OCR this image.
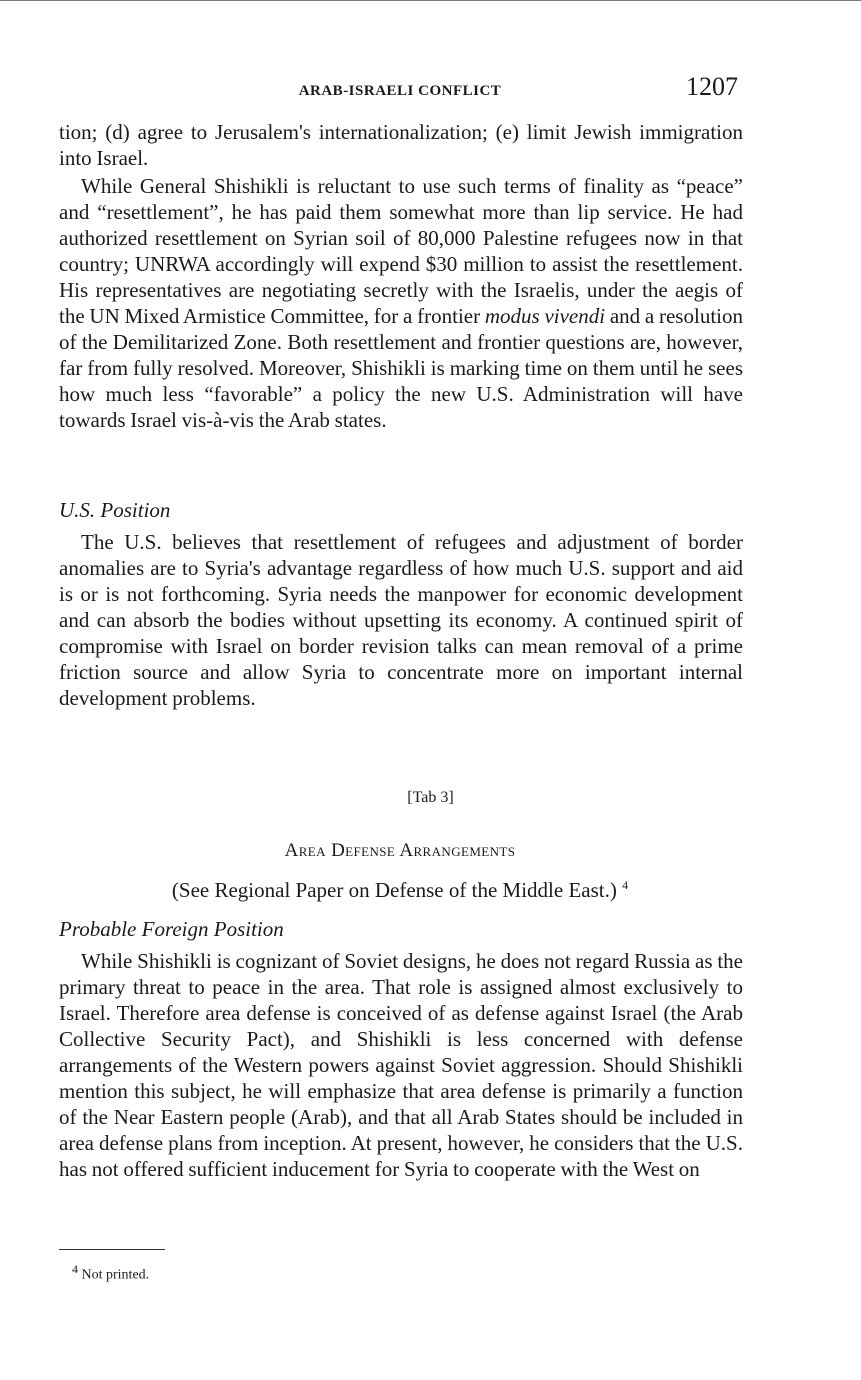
ARAB-ISRAELI CONFLICT	1207

tion; (d) agree to Jerusalem's internationalization; (e) limit Jewish immigration into Israel.

While General Shishikli is reluctant to use such terms of finality as “peace” and “resettlement”, he has paid them somewhat more than lip service. He had authorized resettlement on Syrian soil of 80,000 Palestine refugees now in that country; UNRWA accordingly will expend $30 million to assist the resettlement. His representatives are negotiating secretly with the Israelis, under the aegis of the UN Mixed Armistice Committee, for a frontier modus vivendi and a resolution of the Demilitarized Zone. Both resettlement and frontier questions are, however, far from fully resolved. Moreover, Shishikli is marking time on them until he sees how much less “favorable” a policy the new U.S. Administration will have towards Israel vis-à-vis the Arab states.

U.S. Position

The U.S. believes that resettlement of refugees and adjustment of border anomalies are to Syria's advantage regardless of how much U.S. support and aid is or is not forthcoming. Syria needs the manpower for economic development and can absorb the bodies without upsetting its economy. A continued spirit of compromise with Israel on border revision talks can mean removal of a prime friction source and allow Syria to concentrate more on important internal development problems.

[Tab 3]
Area Defense Arrangements
(See Regional Paper on Defense of the Middle East.) $^4$
Probable Foreign Position

While Shishikli is cognizant of Soviet designs, he does not regard Russia as the primary threat to peace in the area. That role is assigned almost exclusively to Israel. Therefore area defense is conceived of as defense against Israel (the Arab Collective Security Pact), and Shishikli is less concerned with defense arrangements of the Western powers against Soviet aggression. Should Shishikli mention this subject, he will emphasize that area defense is primarily a function of the Near Eastern people (Arab), and that all Arab States should be included in area defense plans from inception. At present, however, he considers that the U.S. has not offered sufficient inducement for Syria to cooperate with the West on

$^4$ Not printed.
